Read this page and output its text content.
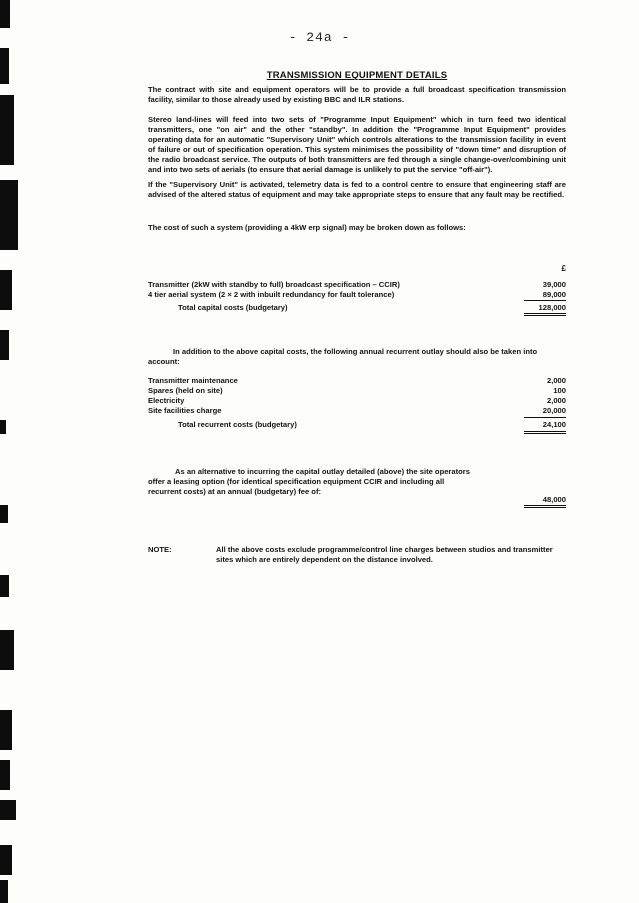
- 24a -
TRANSMISSION EQUIPMENT DETAILS
The contract with site and equipment operators will be to provide a full broadcast specification transmission facility, similar to those already used by existing BBC and ILR stations.
Stereo land-lines will feed into two sets of "Programme Input Equipment" which in turn feed two identical transmitters, one "on air" and the other "standby". In addition the "Programme Input Equipment" provides operating data for an automatic "Supervisory Unit" which controls alterations to the transmission facility in event of failure or out of specification operation. This system minimises the possibility of "down time" and disruption of the radio broadcast service. The outputs of both transmitters are fed through a single change-over/combining unit and into two sets of aerials (to ensure that aerial damage is unlikely to put the service "off-air").
If the "Supervisory Unit" is activated, telemetry data is fed to a control centre to ensure that engineering staff are advised of the altered status of equipment and may take appropriate steps to ensure that any fault may be rectified.
The cost of such a system (providing a 4kW erp signal) may be broken down as follows:
£
Transmitter (2kW with standby to full) broadcast specification – CCIR)	39,000
4 tier aerial system (2 × 2 with inbuilt redundancy for fault tolerance)	89,000
Total capital costs (budgetary)	128,000
In addition to the above capital costs, the following annual recurrent outlay should also be taken into account:
Transmitter maintenance	2,000
Spares (held on site)	100
Electricity	2,000
Site facilities charge	20,000
Total recurrent costs (budgetary)	24,100
As an alternative to incurring the capital outlay detailed (above) the site operators offer a leasing option (for identical specification equipment CCIR and including all recurrent costs) at an annual (budgetary) fee of:
48,000
NOTE:	All the above costs exclude programme/control line charges between studios and transmitter sites which are entirely dependent on the distance involved.
